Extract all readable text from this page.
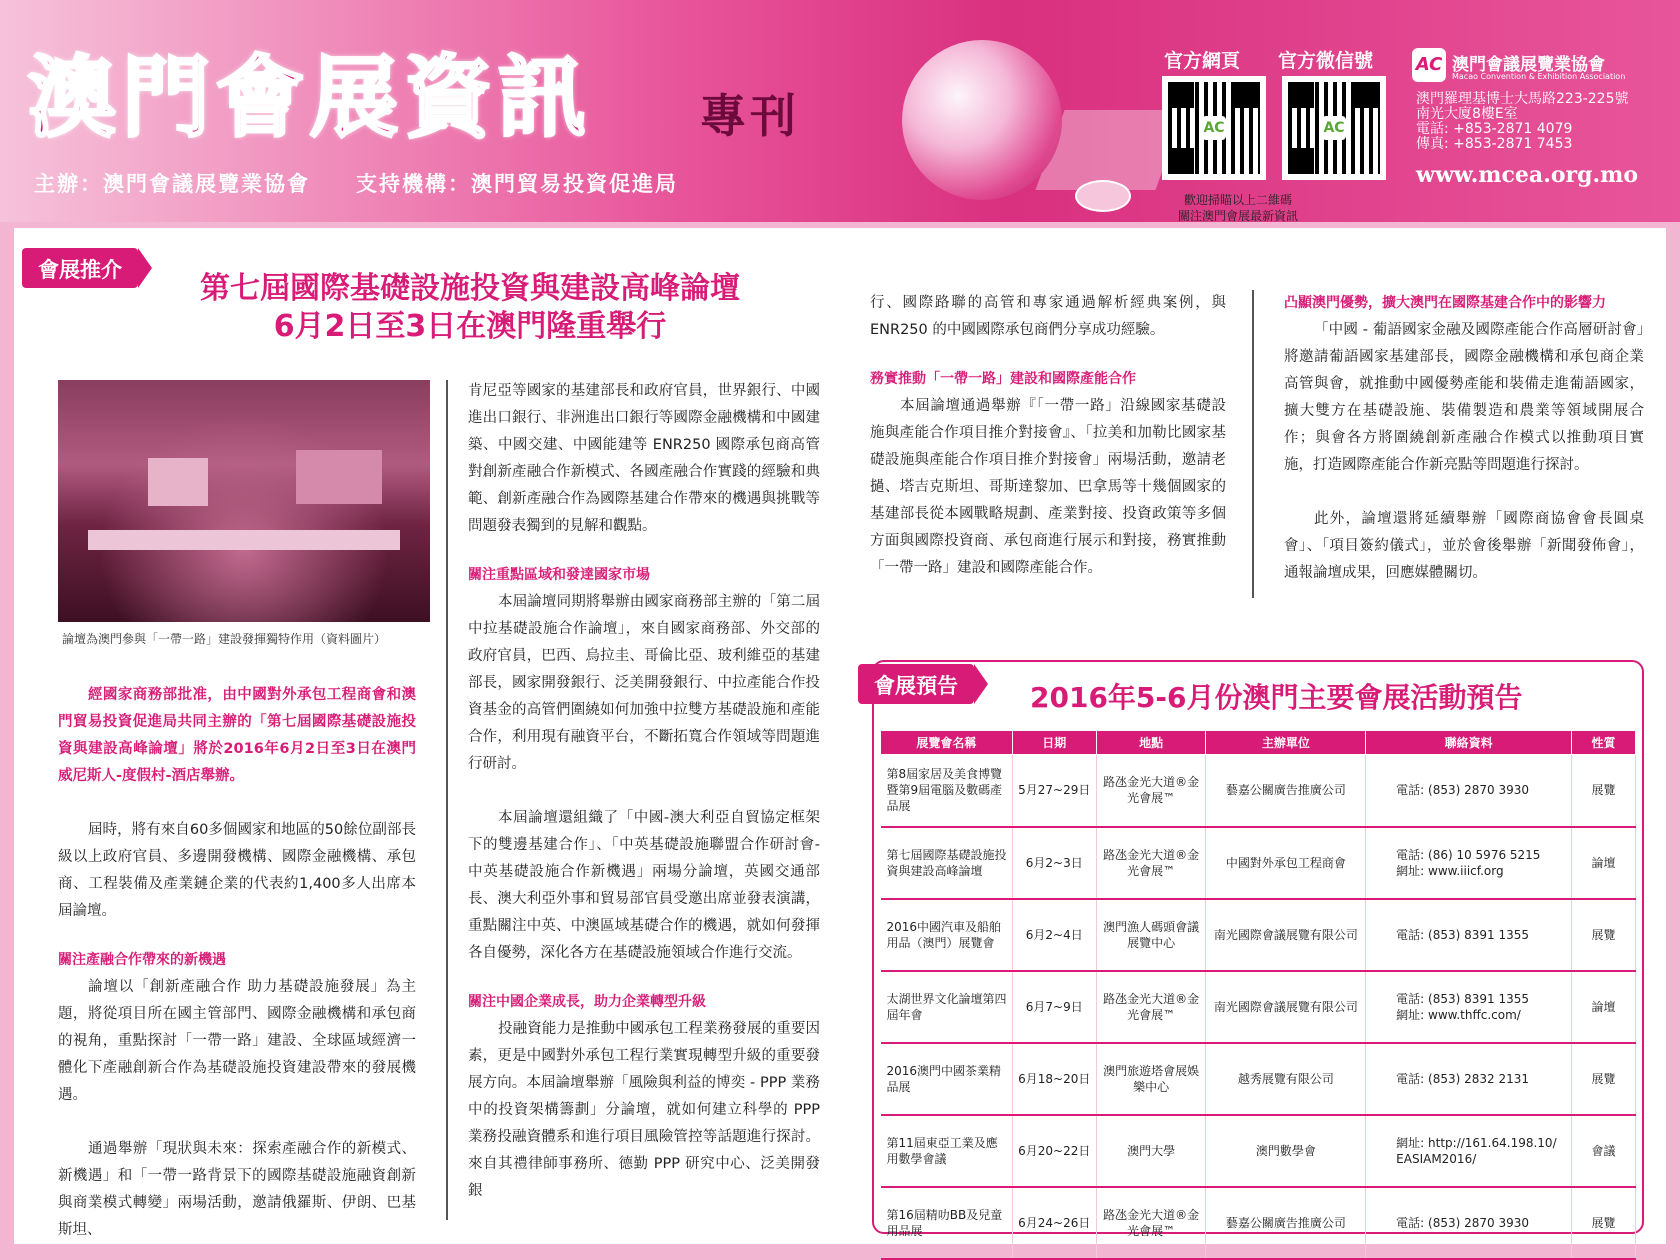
澳門會展資訊 專刊
主辦：澳門會議展覽業協會　　支持機構：澳門貿易投資促進局
官方網頁
AC
官方微信號
AC
歡迎掃瞄以上二維碼
關注澳門會展最新資訊
AC 澳門會議展覽業協會
Macao Convention & Exhibition Association
澳門羅理基博士大馬路223-225號
南光大廈8樓E室
電話: +853-2871 4079
傳真: +853-2871 7453
www.mcea.org.mo
會展推介
第七屆國際基礎設施投資與建設高峰論壇
6月2日至3日在澳門隆重舉行
論壇為澳門參與「一帶一路」建設發揮獨特作用（資料圖片）

經國家商務部批准，由中國對外承包工程商會和澳門貿易投資促進局共同主辦的「第七屆國際基礎設施投資與建設高峰論壇」將於2016年6月2日至3日在澳門威尼斯人-度假村-酒店舉辦。

屆時，將有來自60多個國家和地區的50餘位副部長級以上政府官員、多邊開發機構、國際金融機構、承包商、工程裝備及產業鏈企業的代表約1,400多人出席本屆論壇。

關注產融合作帶來的新機遇

論壇以「創新產融合作 助力基礎設施發展」為主題，將從項目所在國主管部門、國際金融機構和承包商的視角，重點探討「一帶一路」建設、全球區域經濟一體化下產融創新合作為基礎設施投資建設帶來的發展機遇。

通過舉辦「現狀與未來：探索產融合作的新模式、新機遇」和「一帶一路背景下的國際基礎設施融資創新與商業模式轉變」兩場活動，邀請俄羅斯、伊朗、巴基斯坦、

肯尼亞等國家的基建部長和政府官員，世界銀行、中國進出口銀行、非洲進出口銀行等國際金融機構和中國建築、中國交建、中國能建等 ENR250 國際承包商高管對創新產融合作新模式、各國產融合作實踐的經驗和典範、創新產融合作為國際基建合作帶來的機遇與挑戰等問題發表獨到的見解和觀點。

關注重點區域和發達國家市場

本屆論壇同期將舉辦由國家商務部主辦的「第二屆中拉基礎設施合作論壇」，來自國家商務部、外交部的政府官員，巴西、烏拉圭、哥倫比亞、玻利維亞的基建部長，國家開發銀行、泛美開發銀行、中拉產能合作投資基金的高管們圍繞如何加強中拉雙方基礎設施和產能合作，利用現有融資平台，不斷拓寬合作領域等問題進行研討。

本屆論壇還組織了「中國-澳大利亞自貿協定框架下的雙邊基建合作」、「中英基礎設施聯盟合作研討會-中英基礎設施合作新機遇」兩場分論壇，英國交通部長、澳大利亞外事和貿易部官員受邀出席並發表演講，重點關注中英、中澳區域基礎合作的機遇，就如何發揮各自優勢，深化各方在基礎設施領域合作進行交流。

關注中國企業成長，助力企業轉型升級

投融資能力是推動中國承包工程業務發展的重要因素，更是中國對外承包工程行業實現轉型升級的重要發展方向。本屆論壇舉辦「風險與利益的博奕 - PPP 業務中的投資架構籌劃」分論壇，就如何建立科學的 PPP 業務投融資體系和進行項目風險管控等話題進行探討。來自其禮律師事務所、德勤 PPP 研究中心、泛美開發銀

行、國際路聯的高管和專家通過解析經典案例，與 ENR250 的中國國際承包商們分享成功經驗。

務實推動「一帶一路」建設和國際產能合作

本屆論壇通過舉辦『「一帶一路」沿線國家基礎設施與產能合作項目推介對接會』、「拉美和加勒比國家基礎設施與產能合作項目推介對接會」兩場活動，邀請老撾、塔吉克斯坦、哥斯達黎加、巴拿馬等十幾個國家的基建部長從本國戰略規劃、產業對接、投資政策等多個方面與國際投資商、承包商進行展示和對接，務實推動「一帶一路」建設和國際產能合作。

凸顯澳門優勢，擴大澳門在國際基建合作中的影響力

「中國 - 葡語國家金融及國際產能合作高層研討會」將邀請葡語國家基建部長，國際金融機構和承包商企業高管與會，就推動中國優勢產能和裝備走進葡語國家，擴大雙方在基礎設施、裝備製造和農業等領域開展合作；與會各方將圍繞創新產融合作模式以推動項目實施，打造國際產能合作新亮點等問題進行探討。

此外，論壇還將延續舉辦「國際商協會會長圓桌會」、「項目簽約儀式」，並於會後舉辦「新聞發佈會」，通報論壇成果，回應媒體關切。

會展預告	2016年5-6月份澳門主要會展活動預告
展覽會名稱	日期	地點	主辦單位	聯絡資料	性質
第8屆家居及美食博覽暨第9屆電腦及數碼產品展	5月27~29日	路氹金光大道®金光會展™	藝嘉公關廣告推廣公司	電話: (853) 2870 3930	展覽
第七屆國際基礎設施投資與建設高峰論壇	6月2~3日	路氹金光大道®金光會展™	中國對外承包工程商會	電話: (86) 10 5976 5215
網址: www.iiicf.org	論壇
2016中國汽車及船舶用品（澳門）展覽會	6月2~4日	澳門漁人碼頭會議展覽中心	南光國際會議展覽有限公司	電話: (853) 8391 1355	展覽
太湖世界文化論壇第四屆年會	6月7~9日	路氹金光大道®金光會展™	南光國際會議展覽有限公司	電話: (853) 8391 1355
網址: www.thffc.com/	論壇
2016澳門中國茶業精品展	6月18~20日	澳門旅遊塔會展娛樂中心	越秀展覽有限公司	電話: (853) 2832 2131	展覽
第11屆東亞工業及應用數學會議	6月20~22日	澳門大學	澳門數學會	網址: http://161.64.198.10/
EASIAM2016/	會議
第16屆精叻BB及兒童用品展	6月24~26日	路氹金光大道®金光會展™	藝嘉公關廣告推廣公司	電話: (853) 2870 3930	展覽
